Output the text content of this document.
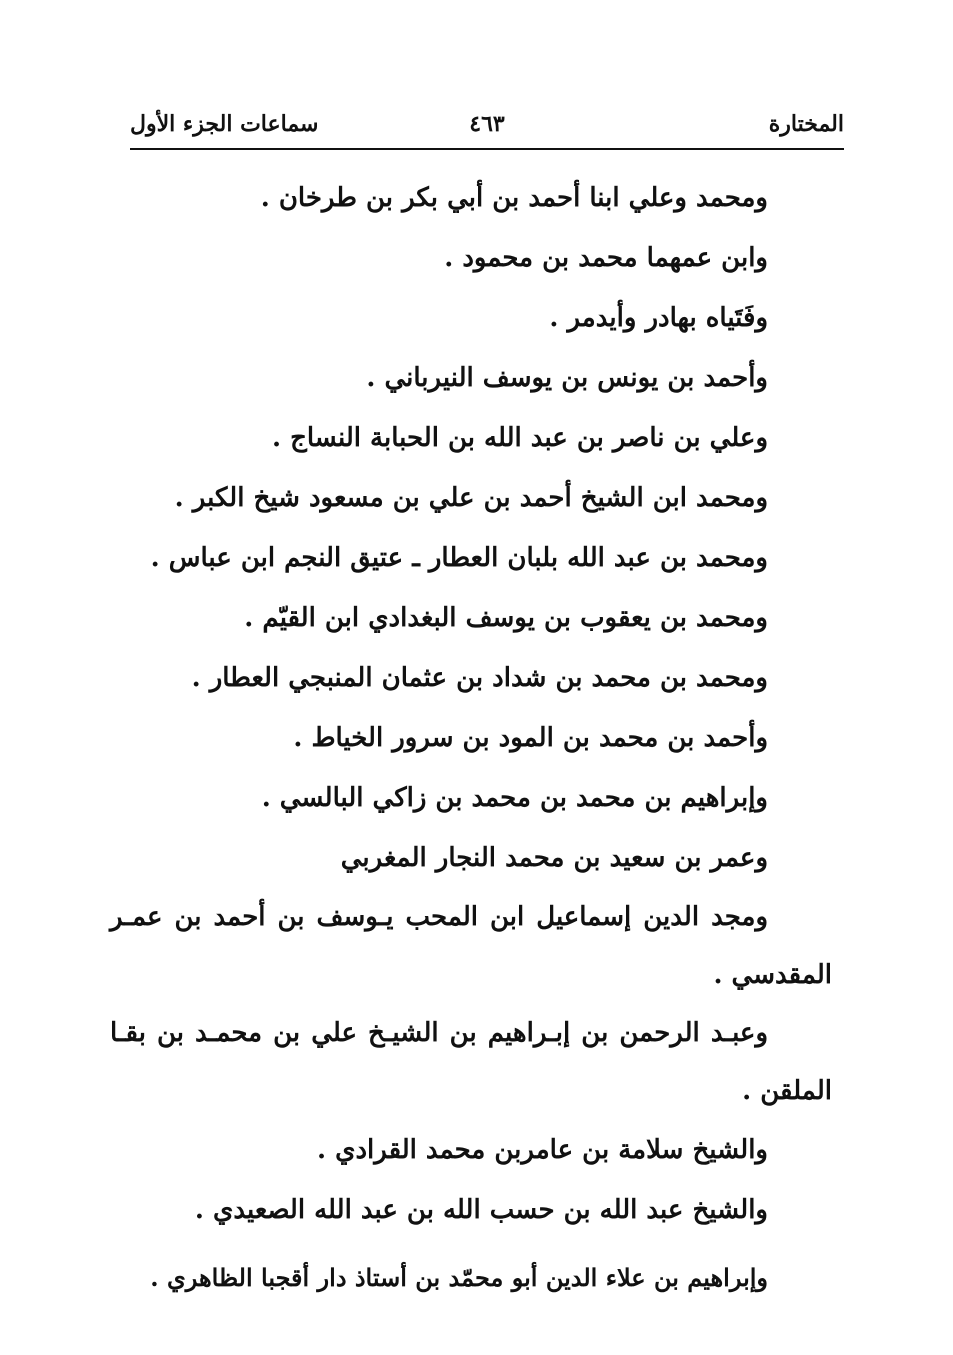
المختارة
٤٦٣
سماعات الجزء الأول
ومحمد وعلي ابنا أحمد بن أبي بكر بن طرخان .
وابن عمهما محمد بن محمود .
وفَتَياه بهادر وأيدمر .
وأحمد بن يونس بن يوسف النيرباني .
وعلي بن ناصر بن عبد الله بن الحبابة النساج .
ومحمد ابن الشيخ أحمد بن علي بن مسعود شيخ الكبر .
ومحمد بن عبد الله بلبان العطار ـ عتيق النجم ابن عباس .
ومحمد بن يعقوب بن يوسف البغدادي ابن القيّم .
ومحمد بن محمد بن شداد بن عثمان المنبجي العطار .
وأحمد بن محمد بن المود بن سرور الخياط .
وإبراهيم بن محمد بن محمد بن زاكي البالسي .
وعمر بن سعيد بن محمد النجار المغربي
ومجد الدين إسماعيل ابن المحب يـوسف بن أحمد بن عمـر
المقدسي .
وعبـد الرحمن بن إبـراهيم بن الشيـخ علي بن محمـد بن بقـا
الملقن .
والشيخ سلامة بن عامربن محمد القرادي .
والشيخ عبد الله بن حسب الله بن عبد الله الصعيدي .
وإبراهيم بن علاء الدين أبو محمّد بن أستاذ دار أقجبا الظاهري .
